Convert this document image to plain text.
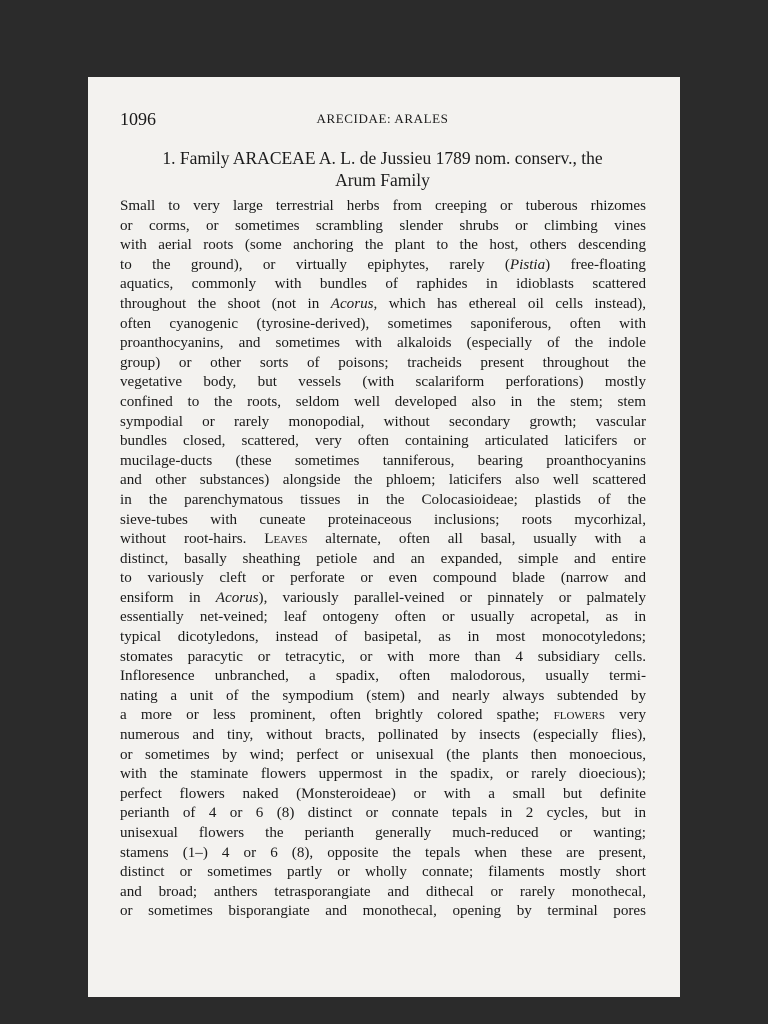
1096	ARECIDAE: ARALES
1. Family ARACEAE A. L. de Jussieu 1789 nom. conserv., the
Arum Family
Small to very large terrestrial herbs from creeping or tuberous rhizomes
or corms, or sometimes scrambling slender shrubs or climbing vines
with aerial roots (some anchoring the plant to the host, others descending
to the ground), or virtually epiphytes, rarely (Pistia) free-floating
aquatics, commonly with bundles of raphides in idioblasts scattered
throughout the shoot (not in Acorus, which has ethereal oil cells instead),
often cyanogenic (tyrosine-derived), sometimes saponiferous, often with
proanthocyanins, and sometimes with alkaloids (especially of the indole
group) or other sorts of poisons; tracheids present throughout the
vegetative body, but vessels (with scalariform perforations) mostly
confined to the roots, seldom well developed also in the stem; stem
sympodial or rarely monopodial, without secondary growth; vascular
bundles closed, scattered, very often containing articulated laticifers or
mucilage-ducts (these sometimes tanniferous, bearing proanthocyanins
and other substances) alongside the phloem; laticifers also well scattered
in the parenchymatous tissues in the Colocasioideae; plastids of the
sieve-tubes with cuneate proteinaceous inclusions; roots mycorhizal,
without root-hairs. Leaves alternate, often all basal, usually with a
distinct, basally sheathing petiole and an expanded, simple and entire
to variously cleft or perforate or even compound blade (narrow and
ensiform in Acorus), variously parallel-veined or pinnately or palmately
essentially net-veined; leaf ontogeny often or usually acropetal, as in
typical dicotyledons, instead of basipetal, as in most monocotyledons;
stomates paracytic or tetracytic, or with more than 4 subsidiary cells.
Infloresence unbranched, a spadix, often malodorous, usually termi-
nating a unit of the sympodium (stem) and nearly always subtended by
a more or less prominent, often brightly colored spathe; flowers very
numerous and tiny, without bracts, pollinated by insects (especially flies),
or sometimes by wind; perfect or unisexual (the plants then monoecious,
with the staminate flowers uppermost in the spadix, or rarely dioecious);
perfect flowers naked (Monsteroideae) or with a small but definite
perianth of 4 or 6 (8) distinct or connate tepals in 2 cycles, but in
unisexual flowers the perianth generally much-reduced or wanting;
stamens (1–) 4 or 6 (8), opposite the tepals when these are present,
distinct or sometimes partly or wholly connate; filaments mostly short
and broad; anthers tetrasporangiate and dithecal or rarely monothecal,
or sometimes bisporangiate and monothecal, opening by terminal pores
